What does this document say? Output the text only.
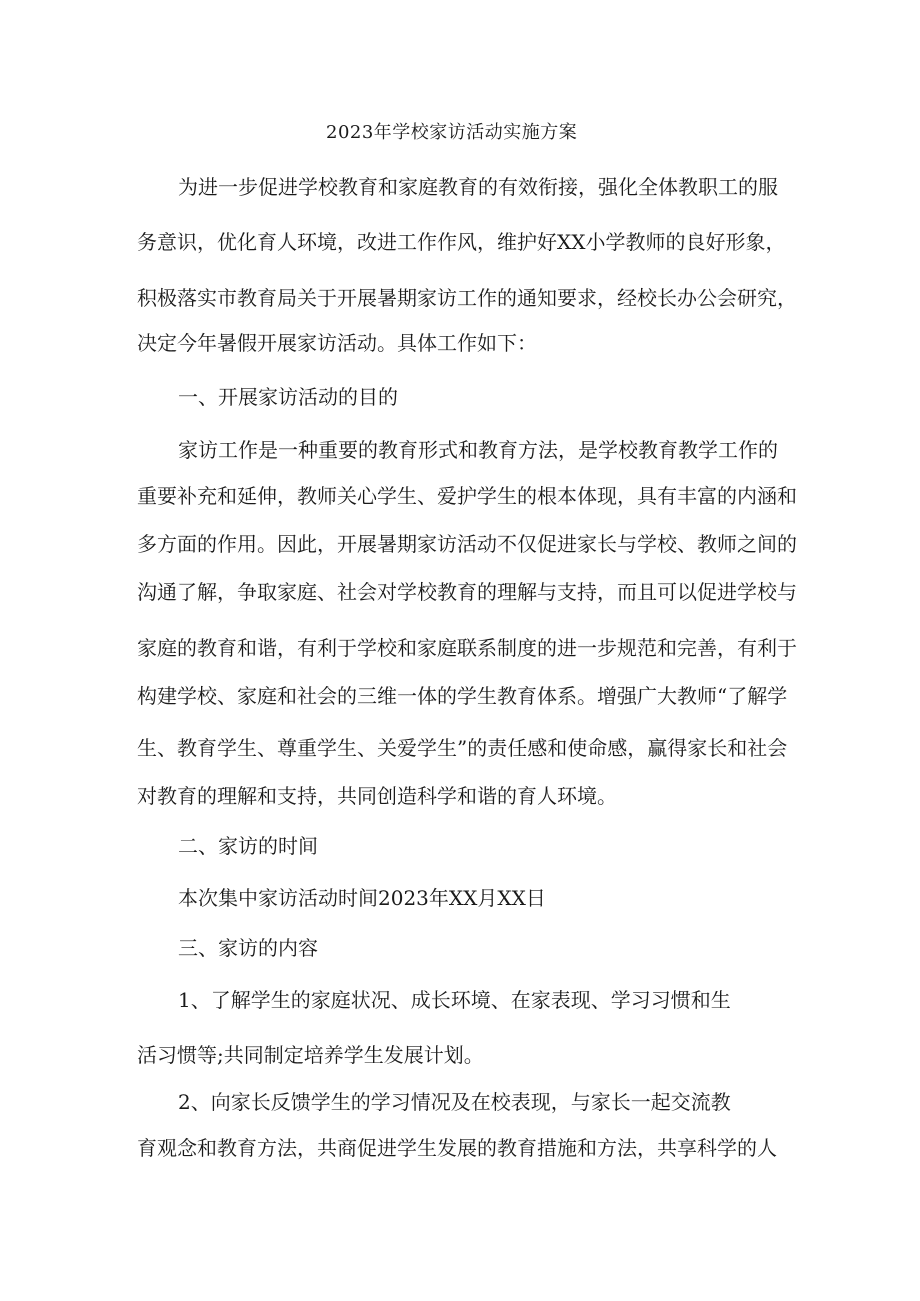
2023年学校家访活动实施方案
为进一步促进学校教育和家庭教育的有效衔接，强化全体教职工的服
务意识，优化育人环境，改进工作作风，维护好XX小学教师的良好形象，
积极落实市教育局关于开展暑期家访工作的通知要求，经校长办公会研究，
决定今年暑假开展家访活动。具体工作如下：
一、开展家访活动的目的
家访工作是一种重要的教育形式和教育方法，是学校教育教学工作的
重要补充和延伸，教师关心学生、爱护学生的根本体现，具有丰富的内涵和
多方面的作用。因此，开展暑期家访活动不仅促进家长与学校、教师之间的
沟通了解，争取家庭、社会对学校教育的理解与支持，而且可以促进学校与
家庭的教育和谐，有利于学校和家庭联系制度的进一步规范和完善，有利于
构建学校、家庭和社会的三维一体的学生教育体系。增强广大教师“了解学
生、教育学生、尊重学生、关爱学生”的责任感和使命感，赢得家长和社会
对教育的理解和支持，共同创造科学和谐的育人环境。
二、家访的时间
本次集中家访活动时间2023年XX月XX日
三、家访的内容
1、了解学生的家庭状况、成长环境、在家表现、学习习惯和生
活习惯等;共同制定培养学生发展计划。
2、向家长反馈学生的学习情况及在校表现，与家长一起交流教
育观念和教育方法，共商促进学生发展的教育措施和方法，共享科学的人
